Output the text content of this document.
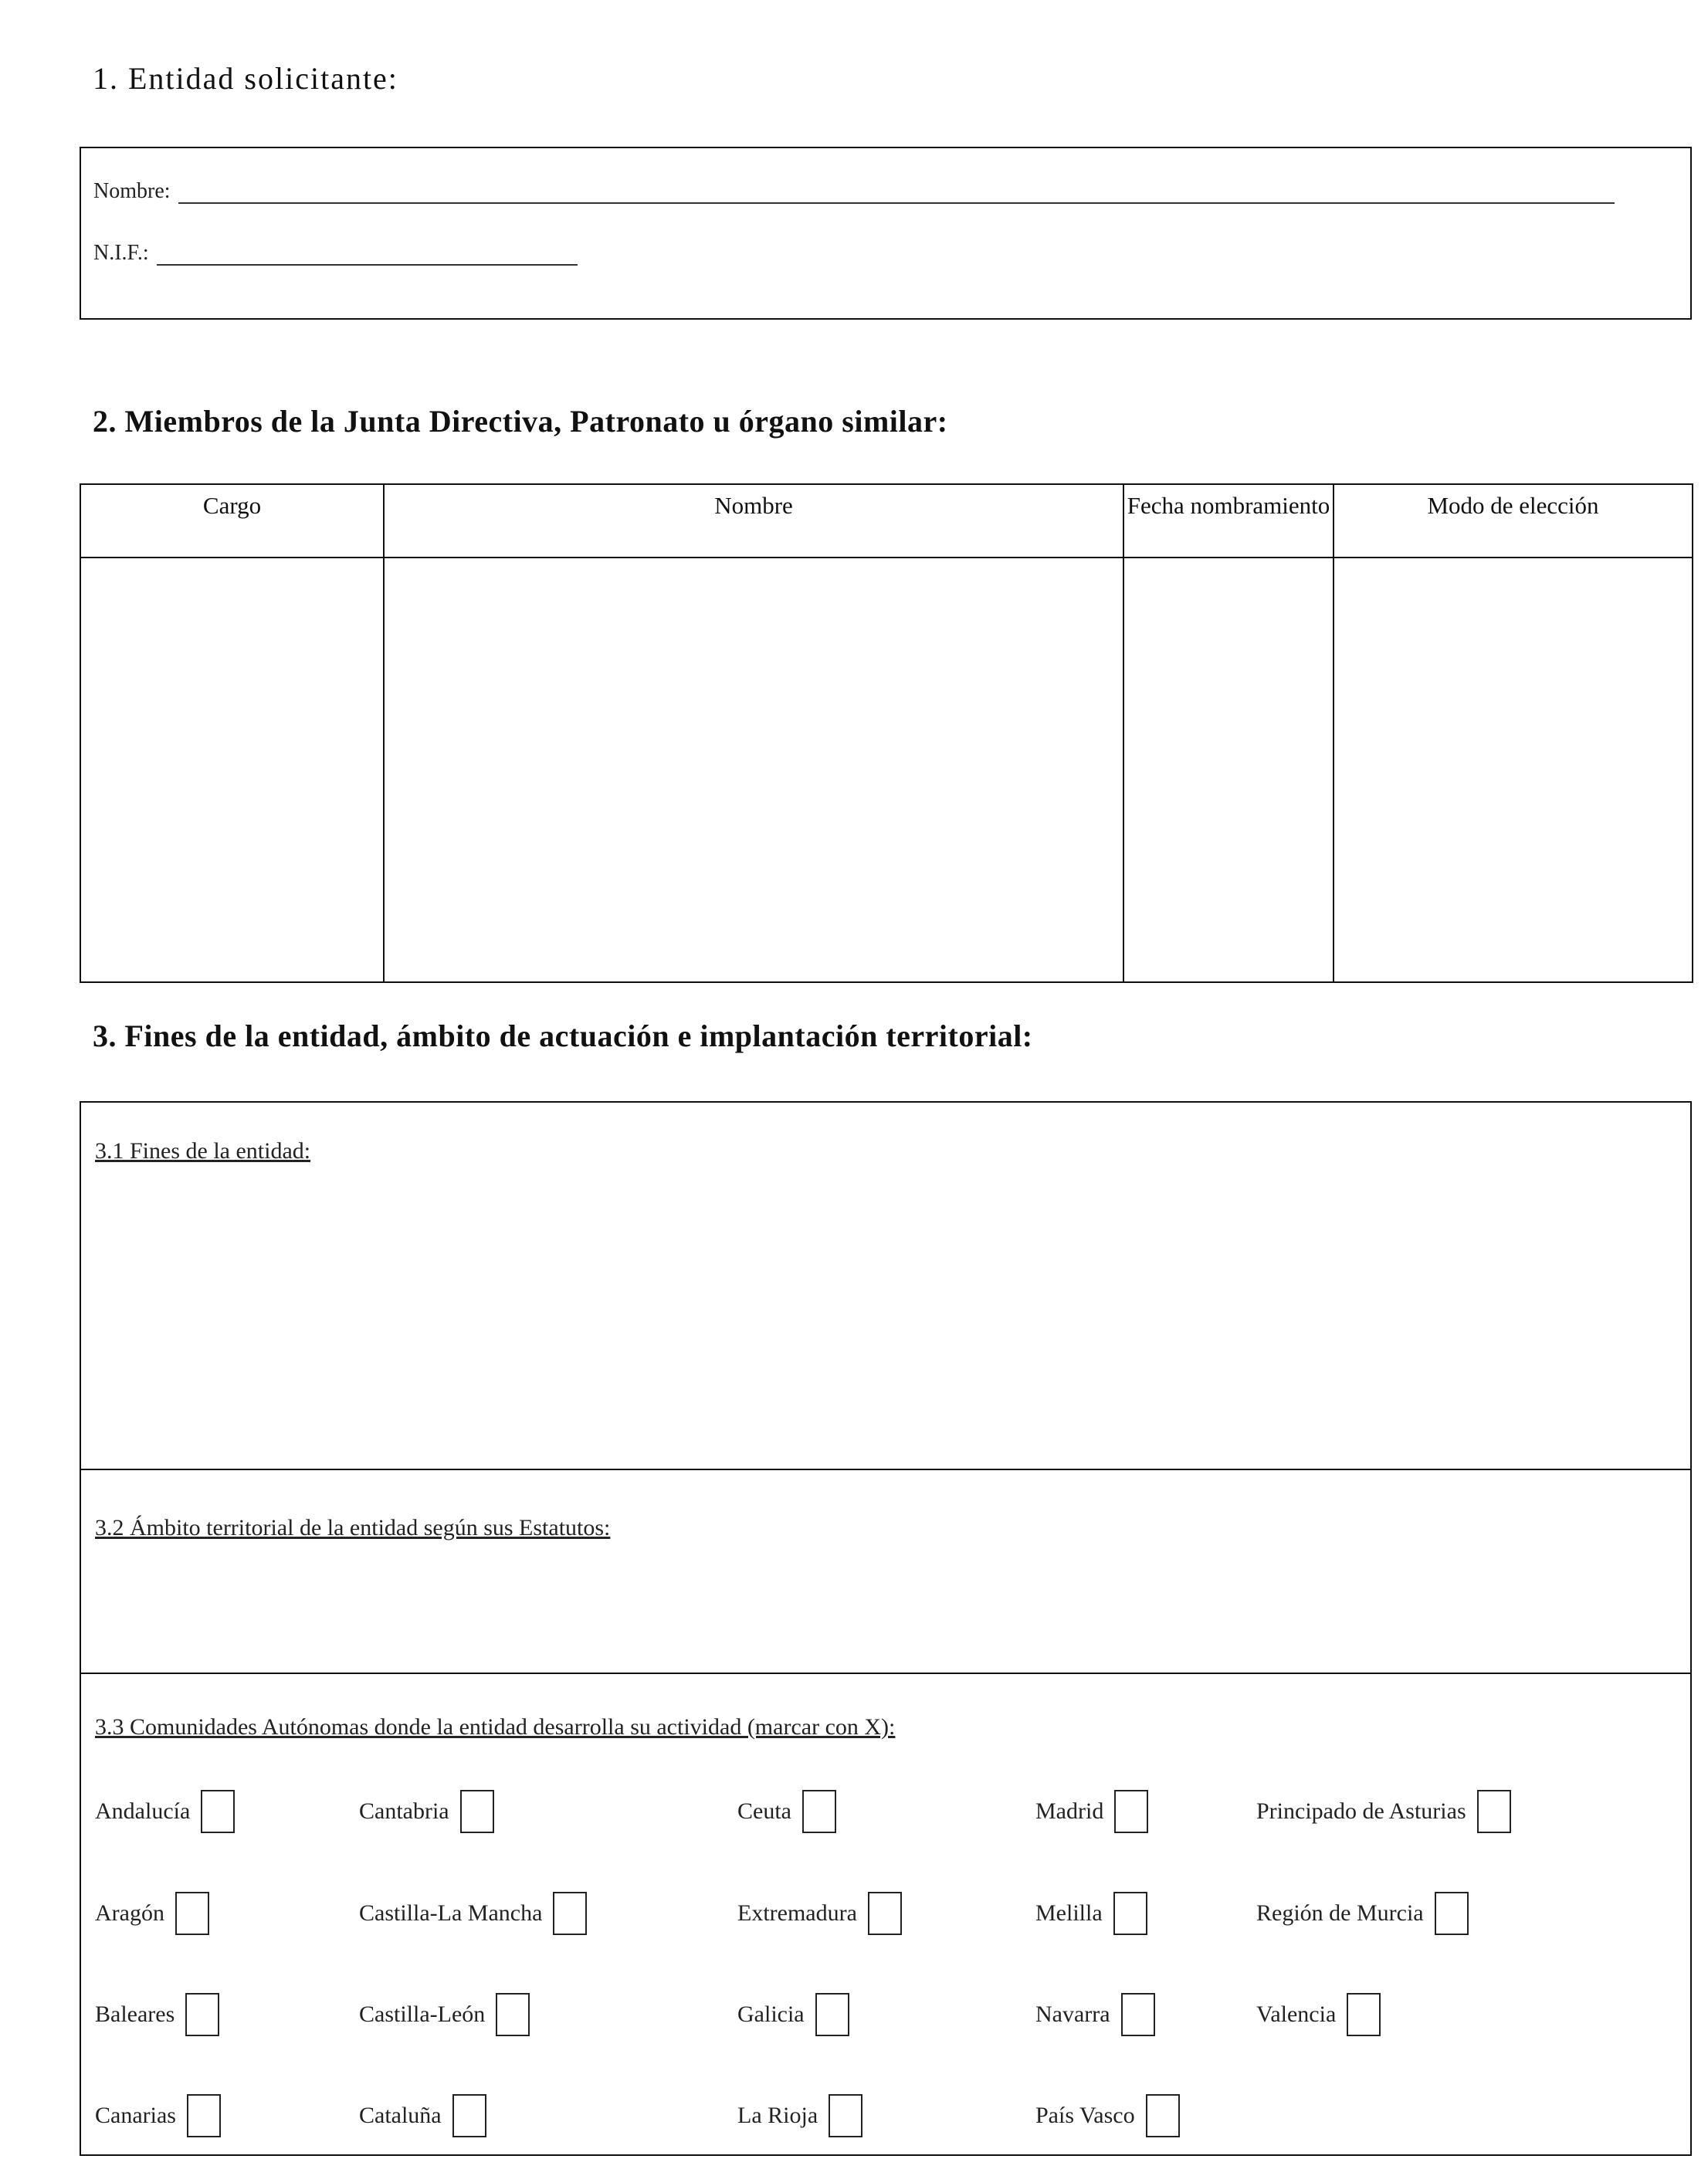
1. Entidad solicitante:
Nombre:
N.I.F.:
2. Miembros de la Junta Directiva, Patronato u órgano similar:
Cargo	Nombre	Fecha nombramiento	Modo de elección

3. Fines de la entidad, ámbito de actuación e implantación territorial:
3.1 Fines de la entidad:
3.2 Ámbito territorial de la entidad según sus Estatutos:
3.3 Comunidades Autónomas donde la entidad desarrolla su actividad (marcar con X):
Andalucía	Cantabria	Ceuta	Madrid	Principado de Asturias
Aragón	Castilla-La Mancha	Extremadura	Melilla	Región de Murcia
Baleares	Castilla-León	Galicia	Navarra	Valencia
Canarias	Cataluña	La Rioja	País Vasco
